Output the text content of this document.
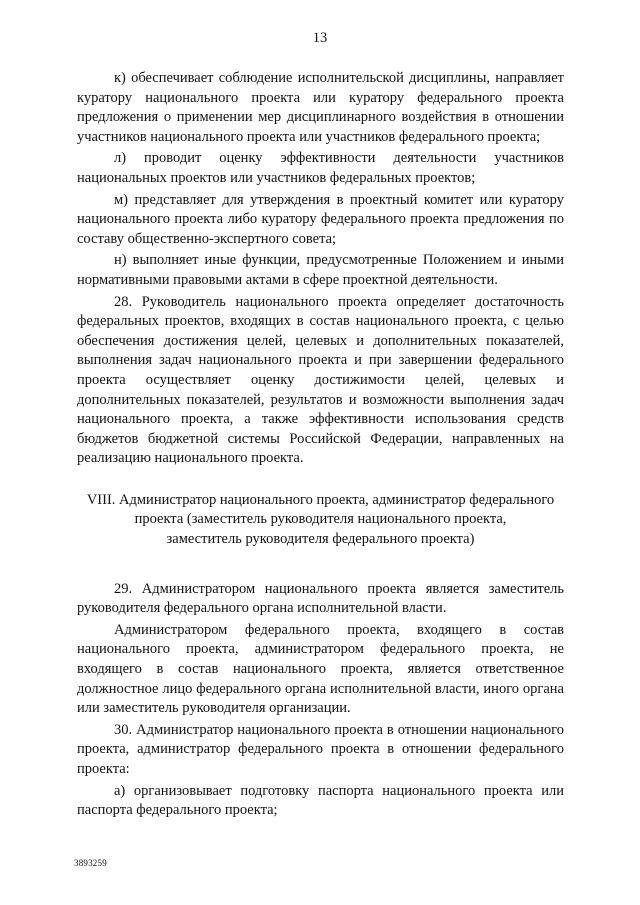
13

к) обеспечивает соблюдение исполнительской дисциплины, направляет куратору национального проекта или куратору федерального проекта предложения о применении мер дисциплинарного воздействия в отношении участников национального проекта или участников федерального проекта;

л) проводит оценку эффективности деятельности участников национальных проектов или участников федеральных проектов;

м) представляет для утверждения в проектный комитет или куратору национального проекта либо куратору федерального проекта предложения по составу общественно-экспертного совета;

н) выполняет иные функции, предусмотренные Положением и иными нормативными правовыми актами в сфере проектной деятельности.

28. Руководитель национального проекта определяет достаточность федеральных проектов, входящих в состав национального проекта, с целью обеспечения достижения целей, целевых и дополнительных показателей, выполнения задач национального проекта и при завершении федерального проекта осуществляет оценку достижимости целей, целевых и дополнительных показателей, результатов и возможности выполнения задач национального проекта, а также эффективности использования средств бюджетов бюджетной системы Российской Федерации, направленных на реализацию национального проекта.

VIII. Администратор национального проекта, администратор федерального
проекта (заместитель руководителя национального проекта,
заместитель руководителя федерального проекта)

29. Администратором национального проекта является заместитель руководителя федерального органа исполнительной власти.

Администратором федерального проекта, входящего в состав национального проекта, администратором федерального проекта, не входящего в состав национального проекта, является ответственное должностное лицо федерального органа исполнительной власти, иного органа или заместитель руководителя организации.

30. Администратор национального проекта в отношении национального проекта, администратор федерального проекта в отношении федерального проекта:

а) организовывает подготовку паспорта национального проекта или паспорта федерального проекта;

3893259
